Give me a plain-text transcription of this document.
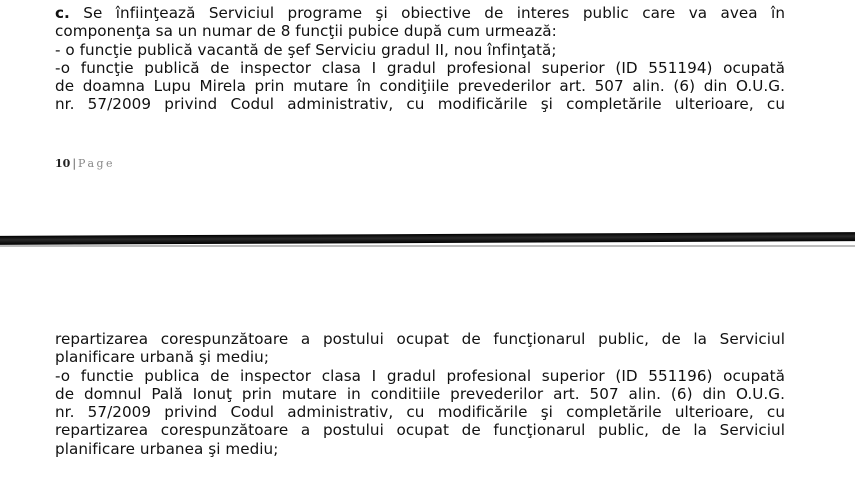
c. Se înfiinţează Serviciul programe şi obiective de interes public care va avea în
componenţa sa un numar de 8 funcţii pubice după cum urmează:
- o funcţie publică vacantă de şef Serviciu gradul II, nou înfinţată;
-o funcţie publică de inspector clasa I gradul profesional superior (ID 551194) ocupată
de doamna Lupu Mirela prin mutare în condiţiile prevederilor art. 507 alin. (6) din O.U.G.
nr. 57/2009 privind Codul administrativ, cu modificările şi completările ulterioare, cu
10 | Page
repartizarea corespunzătoare a postului ocupat de funcţionarul public, de la Serviciul
planificare urbană şi mediu;
-o functie publica de inspector clasa I gradul profesional superior (ID 551196) ocupată
de domnul Pală Ionuţ prin mutare in conditiile prevederilor art. 507 alin. (6) din O.U.G.
nr. 57/2009 privind Codul administrativ, cu modificările şi completările ulterioare, cu
repartizarea corespunzătoare a postului ocupat de funcţionarul public, de la Serviciul
planificare urbanea şi mediu;
